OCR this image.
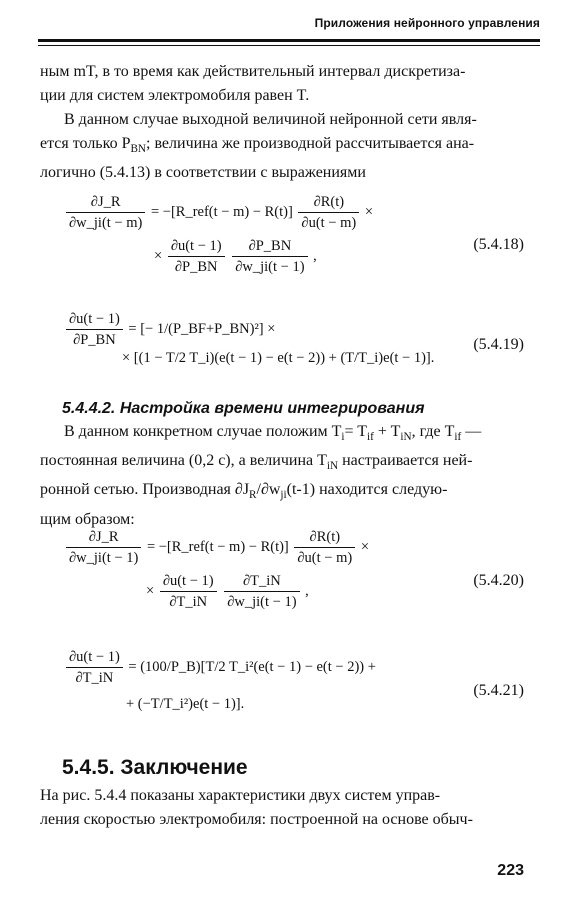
Приложения нейронного управления
ным mT, в то время как действительный интервал дискретиза-
ции для систем электромобиля равен T.
В данном случае выходной величиной нейронной сети явля-
ется только $P_{BN}$; величина же производной рассчитывается ана-
логично (5.4.13) в соответствии с выражениями
$\frac{\partial J\_R}{\partial w\_ji(t - m)}$ = −[R_ref(t − $m) - R(t)] \frac{\partial R(t)}{\partial u(t - m)}$ ×
× $\frac{\partial u(t - 1)}{\partial P\_BN}$
$\frac{\partial P\_BN}{\partial w\_ji(t - 1)}$ ,
(5.4.18)
$\frac{\partial u(t - 1)}{\partial P\_BN}$ = [− 1/(P_BF+P_BN)²] ×
× [(1 − T/2 T_i)(e(t − 1) − e(t − 2)) + (T/T_i)e(t − 1)].
(5.4.19)
5.4.4.2. Настройка времени интегрирования
В данном конкретном случае положим $T_i= T_{if} + T_{iN}$, где $T_{if}$ —
постоянная величина (0,2 с), а величина $T_{iN}$ настраивается ней-
ронной сетью. Производная $\partial J_R/\partial w_{ji}(t-1)$ находится следую-
щим образом:
$\frac{\partial J\_R}{\partial w\_ji(t - 1)}$ = −[R_ref(t − $m) - R(t)] \frac{\partial R(t)}{\partial u(t - m)}$ ×
× $\frac{\partial u(t - 1)}{\partial T\_iN}$
$\frac{\partial T\_iN}{\partial w\_ji(t - 1)}$ ,
(5.4.20)
$\frac{\partial u(t - 1)}{\partial T\_iN}$ = (100/P_B)[T/2 T_i²(e(t − 1) − e(t − 2)) +
+ (−T/T_i²)e(t − 1)].
(5.4.21)
5.4.5. Заключение
На рис. 5.4.4 показаны характеристики двух систем управ-
ления скоростью электромобиля: построенной на основе обыч-
223
